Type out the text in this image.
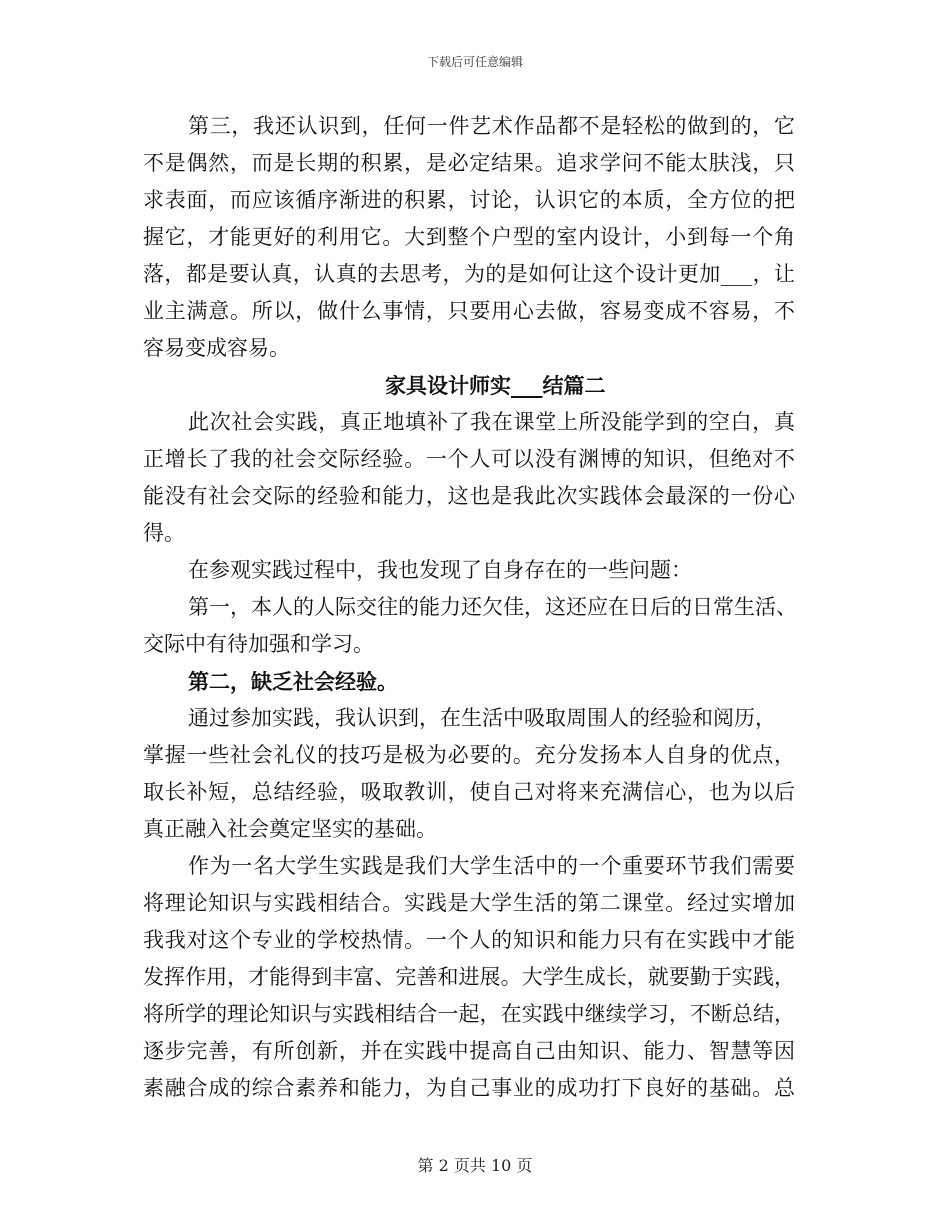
下载后可任意编辑
第三，我还认识到，任何一件艺术作品都不是轻松的做到的，它
不是偶然，而是长期的积累，是必定结果。追求学问不能太肤浅，只
求表面，而应该循序渐进的积累，讨论，认识它的本质，全方位的把
握它，才能更好的利用它。大到整个户型的室内设计，小到每一个角
落，都是要认真，认真的去思考，为的是如何让这个设计更加___，让
业主满意。所以，做什么事情，只要用心去做，容易变成不容易，不
容易变成容易。
家具设计师实___结篇二
此次社会实践，真正地填补了我在课堂上所没能学到的空白，真
正增长了我的社会交际经验。一个人可以没有渊博的知识，但绝对不
能没有社会交际的经验和能力，这也是我此次实践体会最深的一份心
得。
在参观实践过程中，我也发现了自身存在的一些问题：
第一，本人的人际交往的能力还欠佳，这还应在日后的日常生活、
交际中有待加强和学习。
第二，缺乏社会经验。
通过参加实践，我认识到，在生活中吸取周围人的经验和阅历，
掌握一些社会礼仪的技巧是极为必要的。充分发扬本人自身的优点，
取长补短，总结经验，吸取教训，使自己对将来充满信心，也为以后
真正融入社会奠定坚实的基础。
作为一名大学生实践是我们大学生活中的一个重要环节我们需要
将理论知识与实践相结合。实践是大学生活的第二课堂。经过实增加
我我对这个专业的学校热情。一个人的知识和能力只有在实践中才能
发挥作用，才能得到丰富、完善和进展。大学生成长，就要勤于实践，
将所学的理论知识与实践相结合一起，在实践中继续学习，不断总结，
逐步完善，有所创新，并在实践中提高自己由知识、能力、智慧等因
素融合成的综合素养和能力，为自己事业的成功打下良好的基础。总
第 2 页共 10 页
